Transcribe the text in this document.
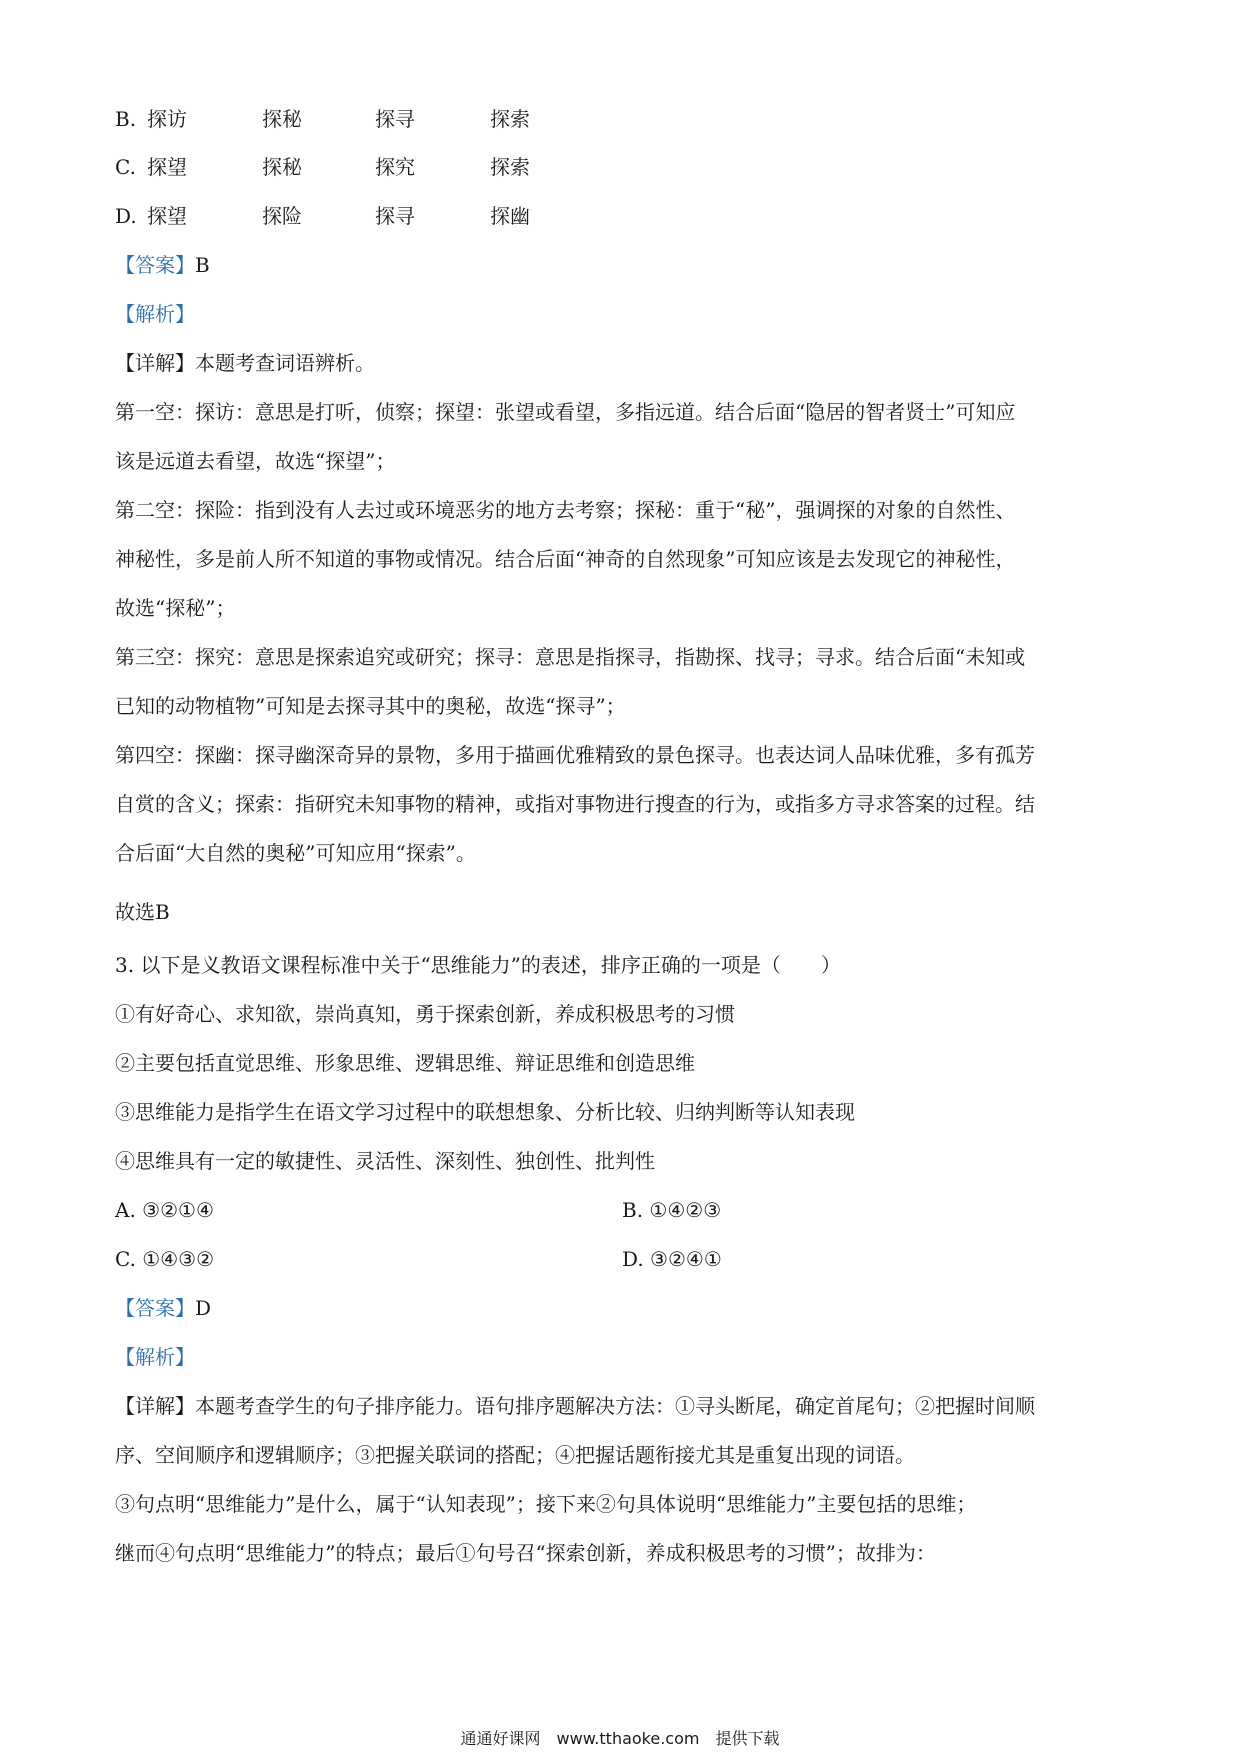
B. 探访	探秘	探寻	探索
C. 探望	探秘	探究	探索
D. 探望	探险	探寻	探幽
【答案】B
【解析】
【详解】本题考查词语辨析。
第一空：探访：意思是打听，侦察；探望：张望或看望，多指远道。结合后面“隐居的智者贤士”可知应
该是远道去看望，故选“探望”；
第二空：探险：指到没有人去过或环境恶劣的地方去考察；探秘：重于“秘”，强调探的对象的自然性、
神秘性，多是前人所不知道的事物或情况。结合后面“神奇的自然现象”可知应该是去发现它的神秘性，
故选“探秘”；
第三空：探究：意思是探索追究或研究；探寻：意思是指探寻，指勘探、找寻；寻求。结合后面“未知或
已知的动物植物”可知是去探寻其中的奥秘，故选“探寻”；
第四空：探幽：探寻幽深奇异的景物，多用于描画优雅精致的景色探寻。也表达词人品味优雅，多有孤芳
自赏的含义；探索：指研究未知事物的精神，或指对事物进行搜查的行为，或指多方寻求答案的过程。结
合后面“大自然的奥秘”可知应用“探索”。
故选B
3. 以下是义教语文课程标准中关于“思维能力”的表述，排序正确的一项是（　　）
①有好奇心、求知欲，崇尚真知，勇于探索创新，养成积极思考的习惯
②主要包括直觉思维、形象思维、逻辑思维、辩证思维和创造思维
③思维能力是指学生在语文学习过程中的联想想象、分析比较、归纳判断等认知表现
④思维具有一定的敏捷性、灵活性、深刻性、独创性、批判性
A. ③②①④	B. ①④②③
C. ①④③②	D. ③②④①
【答案】D
【解析】
【详解】本题考查学生的句子排序能力。语句排序题解决方法：①寻头断尾，确定首尾句；②把握时间顺
序、空间顺序和逻辑顺序；③把握关联词的搭配；④把握话题衔接尤其是重复出现的词语。
③句点明“思维能力”是什么，属于“认知表现”；接下来②句具体说明“思维能力”主要包括的思维；
继而④句点明“思维能力”的特点；最后①句号召“探索创新，养成积极思考的习惯”；故排为：
通通好课网　www.tthaoke.com　提供下载
